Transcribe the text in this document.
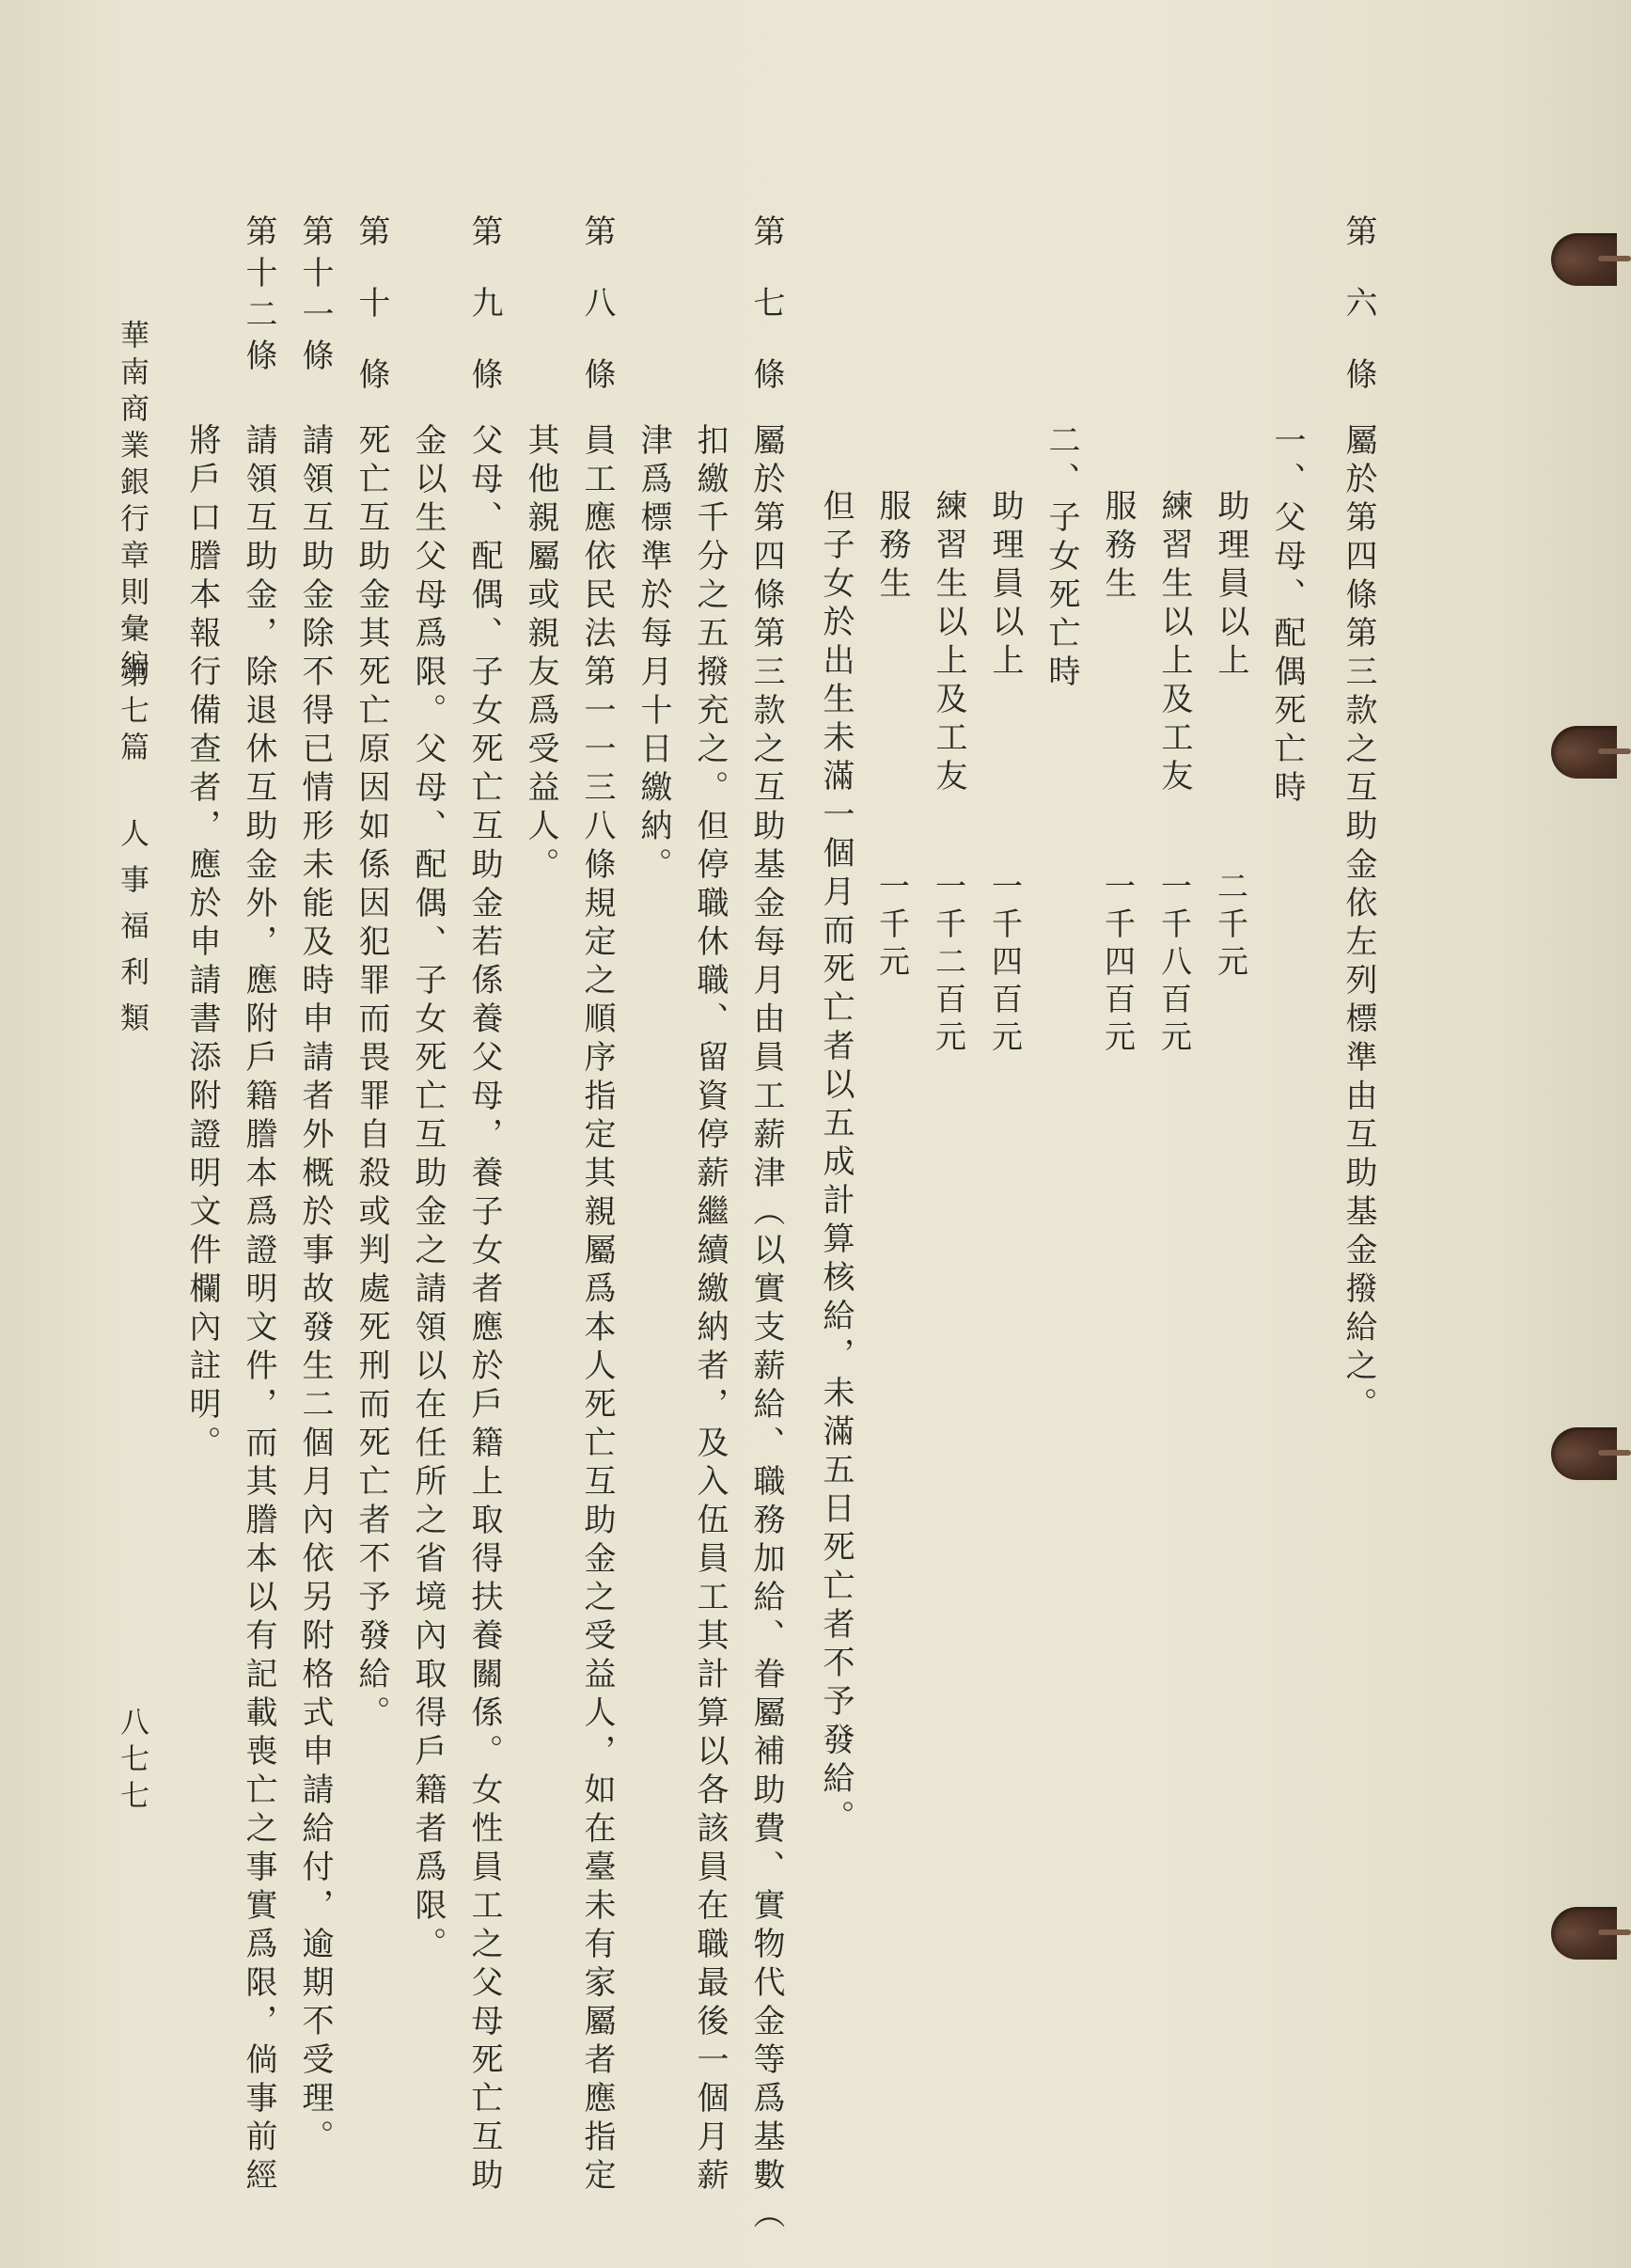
第六條
屬於第四條第三款之互助金依左列標準由互助基金撥給之。
一、父母、配偶死亡時
助理員以上
二千元
練習生以上及工友
一千八百元
服務生
一千四百元
二、子女死亡時
助理員以上
一千四百元
練習生以上及工友
一千二百元
服務生
一千元
但子女於出生未滿一個月而死亡者以五成計算核給，未滿五日死亡者不予發給。
第七條
屬於第四條第三款之互助基金每月由員工薪津（以實支薪給、職務加給、眷屬補助費、實物代金等爲基數（
扣繳千分之五撥充之。但停職休職、留資停薪繼續繳納者，及入伍員工其計算以各該員在職最後一個月薪
津爲標準於每月十日繳納。
第八條
員工應依民法第一一三八條規定之順序指定其親屬爲本人死亡互助金之受益人，如在臺未有家屬者應指定
其他親屬或親友爲受益人。
第九條
父母、配偶、子女死亡互助金若係養父母，養子女者應於戶籍上取得扶養關係。女性員工之父母死亡互助
金以生父母爲限。父母、配偶、子女死亡互助金之請領以在任所之省境內取得戶籍者爲限。
第十條
死亡互助金其死亡原因如係因犯罪而畏罪自殺或判處死刑而死亡者不予發給。
第十一條
請領互助金除不得已情形未能及時申請者外概於事故發生二個月內依另附格式申請給付，逾期不受理。
第十二條
請領互助金，除退休互助金外，應附戶籍謄本爲證明文件，而其謄本以有記載喪亡之事實爲限，倘事前經
將戶口謄本報行備查者，應於申請書添附證明文件欄內註明。
華南商業銀行章則彙編
第七篇
人事福利類
八七七
